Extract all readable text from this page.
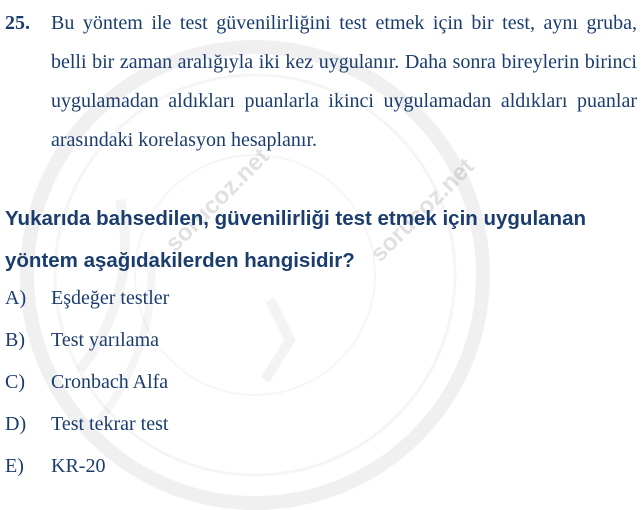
sorucoz.net	sorucoz.net
25. Bu yöntem ile test güvenilirliğini test etmek için bir test, aynı gruba, belli bir zaman aralığıyla iki kez uygulanır. Daha sonra bireylerin birinci uygulamadan aldıkları puanlarla ikinci uygulamadan aldıkları puanlar arasındaki korelasyon hesaplanır.
Yukarıda bahsedilen, güvenilirliği test etmek için uygulanan yöntem aşağıdakilerden hangisidir?
A)	Eşdeğer testler
B)	Test yarılama
C)	Cronbach Alfa
D)	Test tekrar test
E)	KR-20
